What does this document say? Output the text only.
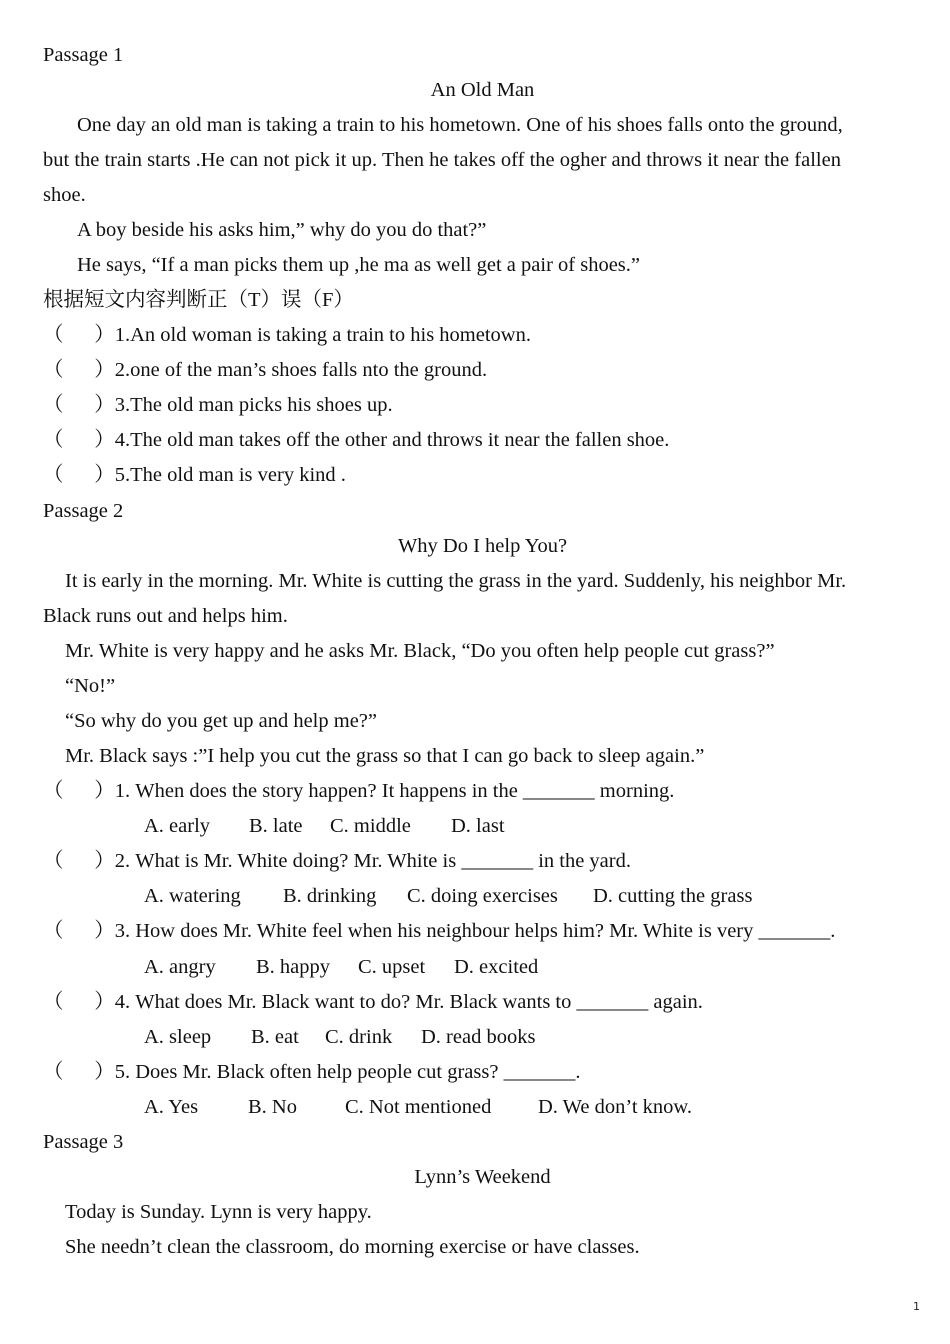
Passage 1
An Old Man
One day an old man is taking a train to his hometown. One of his shoes falls onto the ground,
but the train starts .He can not pick it up. Then he takes off the ogher and throws it near the fallen
shoe.
A boy beside his asks him,” why do you do that?”
He says, “If a man picks them up ,he ma as well get a pair of shoes.”
根据短文内容判断正（T）误（F）
（      ）1.An old woman is taking a train to his hometown.
（      ）2.one of the man’s shoes falls nto the ground.
（      ）3.The old man picks his shoes up.
（      ）4.The old man takes off the other and throws it near the fallen shoe.
（      ）5.The old man is very kind .
Passage 2
Why Do I help You?
It is early in the morning. Mr. White is cutting the grass in the yard. Suddenly, his neighbor Mr.
Black runs out and helps him.
Mr. White is very happy and he asks Mr. Black, “Do you often help people cut grass?”
“No!”
“So why do you get up and help me?”
Mr. Black says :”I help you cut the grass so that I can go back to sleep again.”
（      ）1. When does the story happen? It happens in the _______ morning.
A. early B. late C. middle D. last
（      ）2. What is Mr. White doing? Mr. White is _______ in the yard.
A. watering B. drinking C. doing exercises D. cutting the grass
（      ）3. How does Mr. White feel when his neighbour helps him? Mr. White is very _______.
A. angry B. happy C. upset D. excited
（      ）4. What does Mr. Black want to do? Mr. Black wants to _______ again.
A. sleep B. eat C. drink D. read books
（      ）5. Does Mr. Black often help people cut grass? _______.
A. Yes B. No C. Not mentioned D. We don’t know.
Passage 3
Lynn’s Weekend
Today is Sunday. Lynn is very happy.
She needn’t clean the classroom, do morning exercise or have classes.
1
